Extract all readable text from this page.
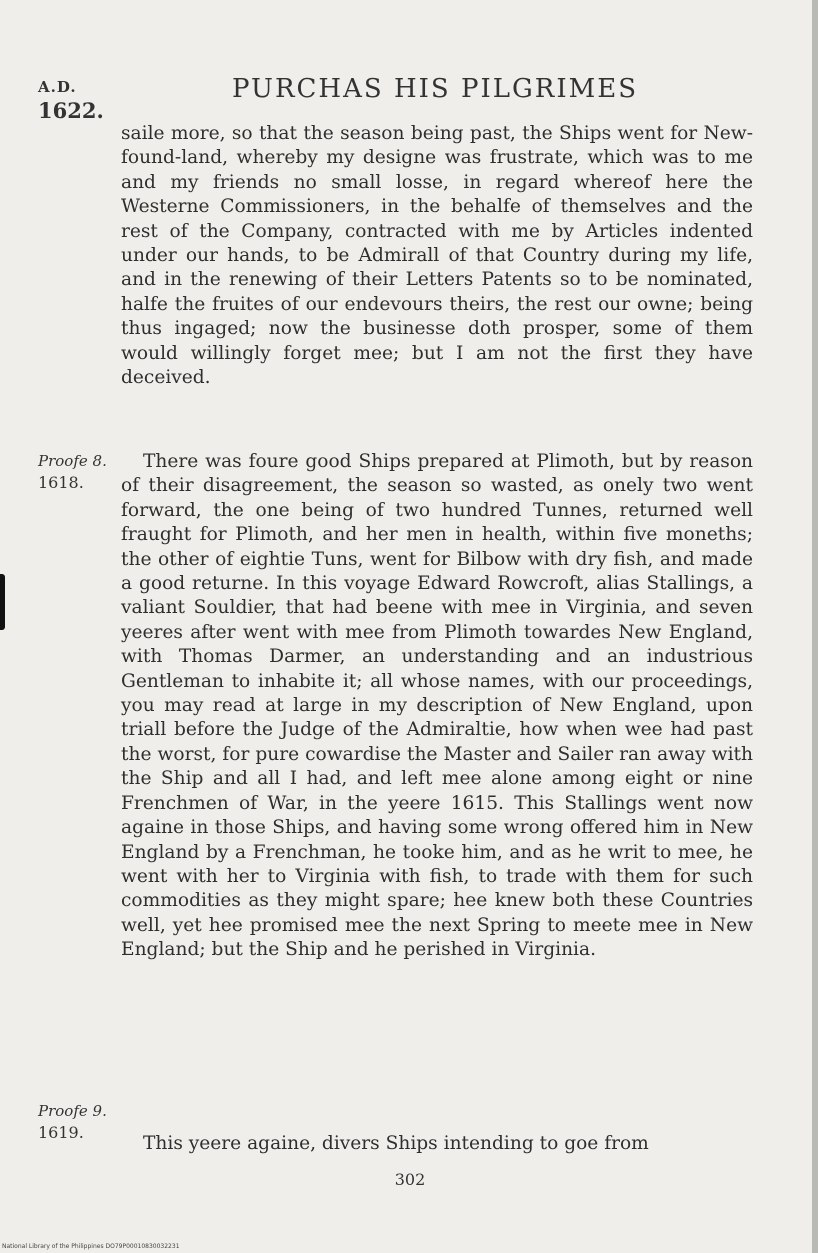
A.D.
1622.
PURCHAS HIS PILGRIMES

saile more, so that the season being past, the Ships went for New-found-land, whereby my designe was frustrate, which was to me and my friends no small losse, in regard whereof here the Westerne Commissioners, in the behalfe of themselves and the rest of the Company, contracted with me by Articles indented under our hands, to be Admirall of that Country during my life, and in the renewing of their Letters Patents so to be nominated, halfe the fruites of our endevours theirs, the rest our owne; being thus ingaged; now the businesse doth prosper, some of them would willingly forget mee; but I am not the first they have deceived.

Proofe 8.
1618.

There was foure good Ships prepared at Plimoth, but by reason of their disagreement, the season so wasted, as onely two went forward, the one being of two hundred Tunnes, returned well fraught for Plimoth, and her men in health, within five moneths; the other of eightie Tuns, went for Bilbow with dry fish, and made a good returne. In this voyage Edward Rowcroft, alias Stallings, a valiant Souldier, that had beene with mee in Virginia, and seven yeeres after went with mee from Plimoth towardes New England, with Thomas Darmer, an understanding and an industrious Gentleman to inhabite it; all whose names, with our proceedings, you may read at large in my description of New England, upon triall before the Judge of the Admiraltie, how when wee had past the worst, for pure cowardise the Master and Sailer ran away with the Ship and all I had, and left mee alone among eight or nine Frenchmen of War, in the yeere 1615. This Stallings went now againe in those Ships, and having some wrong offered him in New England by a Frenchman, he tooke him, and as he writ to mee, he went with her to Virginia with fish, to trade with them for such commodities as they might spare; hee knew both these Countries well, yet hee promised mee the next Spring to meete mee in New England; but the Ship and he perished in Virginia.

Proofe 9.
1619.

This yeere againe, divers Ships intending to goe from

302
National Library of the Philippines DO79P00010830032231
